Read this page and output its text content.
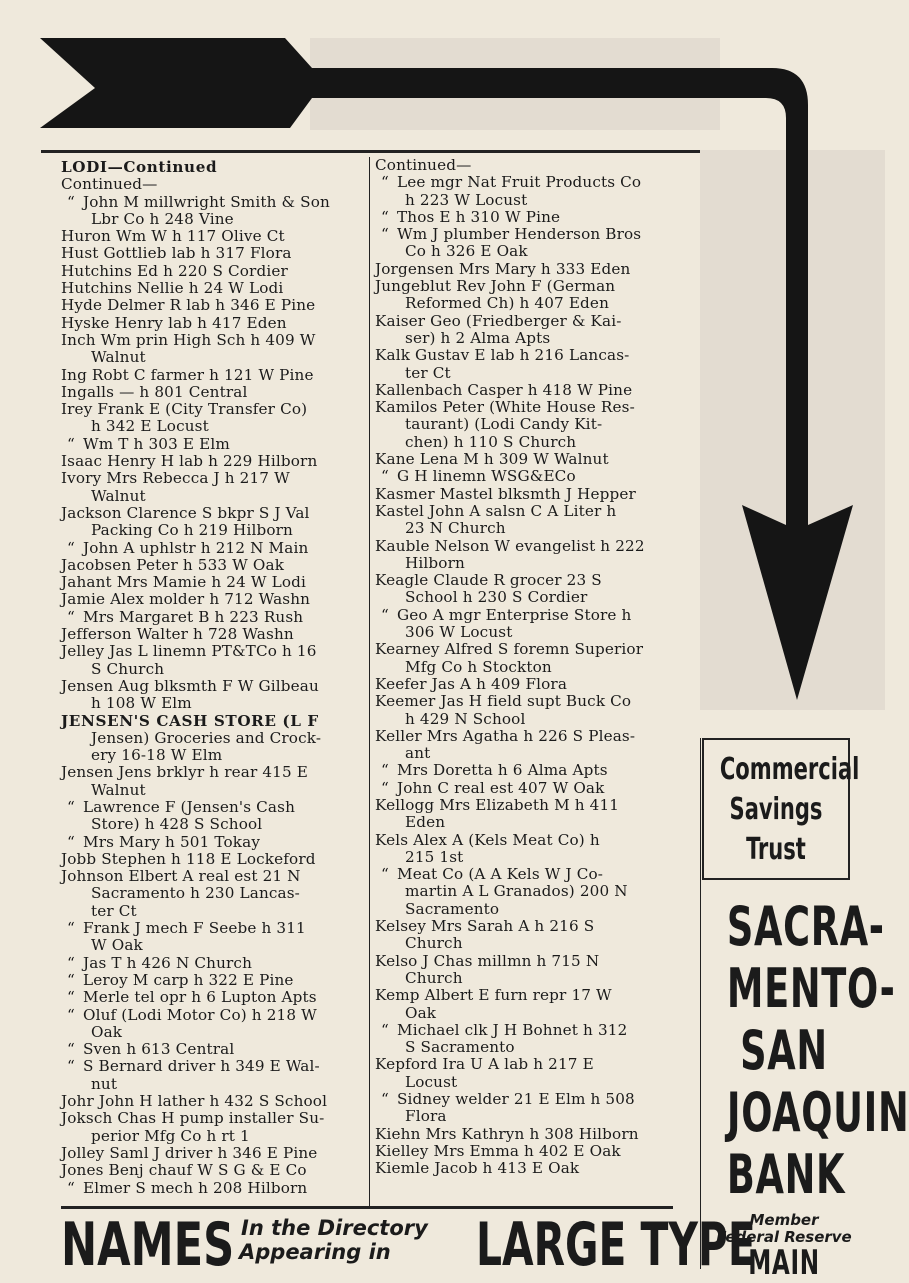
LODI—Continued

Continued—

“ John M millwright Smith & Son

Lbr Co h 248 Vine

Huron Wm W h 117 Olive Ct

Hust Gottlieb lab h 317 Flora

Hutchins Ed h 220 S Cordier

Hutchins Nellie h 24 W Lodi

Hyde Delmer R lab h 346 E Pine

Hyske Henry lab h 417 Eden

Inch Wm prin High Sch h 409 W

Walnut

Ing Robt C farmer h 121 W Pine

Ingalls — h 801 Central

Irey Frank E (City Transfer Co)

h 342 E Locust

“ Wm T h 303 E Elm

Isaac Henry H lab h 229 Hilborn

Ivory Mrs Rebecca J h 217 W

Walnut

Jackson Clarence S bkpr S J Val

Packing Co h 219 Hilborn

“ John A uphlstr h 212 N Main

Jacobsen Peter h 533 W Oak

Jahant Mrs Mamie h 24 W Lodi

Jamie Alex molder h 712 Washn

“ Mrs Margaret B h 223 Rush

Jefferson Walter h 728 Washn

Jelley Jas L linemn PT&TCo h 16

S Church

Jensen Aug blksmth F W Gilbeau

h 108 W Elm

JENSEN'S CASH STORE (L F

Jensen) Groceries and Crock-

ery 16-18 W Elm

Jensen Jens brklyr h rear 415 E

Walnut

“ Lawrence F (Jensen's Cash

Store) h 428 S School

“ Mrs Mary h 501 Tokay

Jobb Stephen h 118 E Lockeford

Johnson Elbert A real est 21 N

Sacramento h 230 Lancas-

ter Ct

“ Frank J mech F Seebe h 311

W Oak

“ Jas T h 426 N Church

“ Leroy M carp h 322 E Pine

“ Merle tel opr h 6 Lupton Apts

“ Oluf (Lodi Motor Co) h 218 W

Oak

“ Sven h 613 Central

“ S Bernard driver h 349 E Wal-

nut

Johr John H lather h 432 S School

Joksch Chas H pump installer Su-

perior Mfg Co h rt 1

Jolley Saml J driver h 346 E Pine

Jones Benj chauf W S G & E Co

“ Elmer S mech h 208 Hilborn

Continued—

“ Lee mgr Nat Fruit Products Co

h 223 W Locust

“ Thos E h 310 W Pine

“ Wm J plumber Henderson Bros

Co h 326 E Oak

Jorgensen Mrs Mary h 333 Eden

Jungeblut Rev John F (German

Reformed Ch) h 407 Eden

Kaiser Geo (Friedberger & Kai-

ser) h 2 Alma Apts

Kalk Gustav E lab h 216 Lancas-

ter Ct

Kallenbach Casper h 418 W Pine

Kamilos Peter (White House Res-

taurant) (Lodi Candy Kit-

chen) h 110 S Church

Kane Lena M h 309 W Walnut

“ G H linemn WSG&ECo

Kasmer Mastel blksmth J Hepper

Kastel John A salsn C A Liter h

23 N Church

Kauble Nelson W evangelist h 222

Hilborn

Keagle Claude R grocer 23 S

School h 230 S Cordier

“ Geo A mgr Enterprise Store h

306 W Locust

Kearney Alfred S foremn Superior

Mfg Co h Stockton

Keefer Jas A h 409 Flora

Keemer Jas H field supt Buck Co

h 429 N School

Keller Mrs Agatha h 226 S Pleas-

ant

“ Mrs Doretta h 6 Alma Apts

“ John C real est 407 W Oak

Kellogg Mrs Elizabeth M h 411

Eden

Kels Alex A (Kels Meat Co) h

215 1st

“ Meat Co (A A Kels W J Co-

martin A L Granados) 200 N

Sacramento

Kelsey Mrs Sarah A h 216 S

Church

Kelso J Chas millmn h 715 N

Church

Kemp Albert E furn repr 17 W

Oak

“ Michael clk J H Bohnet h 312

S Sacramento

Kepford Ira U A lab h 217 E

Locust

“ Sidney welder 21 E Elm h 508

Flora

Kiehn Mrs Kathryn h 308 Hilborn

Kielley Mrs Emma h 402 E Oak

Kiemle Jacob h 413 E Oak

Commercial
Savings
Trust
SACRA-
MENTO-
SAN
JOAQUIN
BANK
Member
Federal Reserve
MAIN
NAMES In the Directory
Appearing in LARGE TYPE
